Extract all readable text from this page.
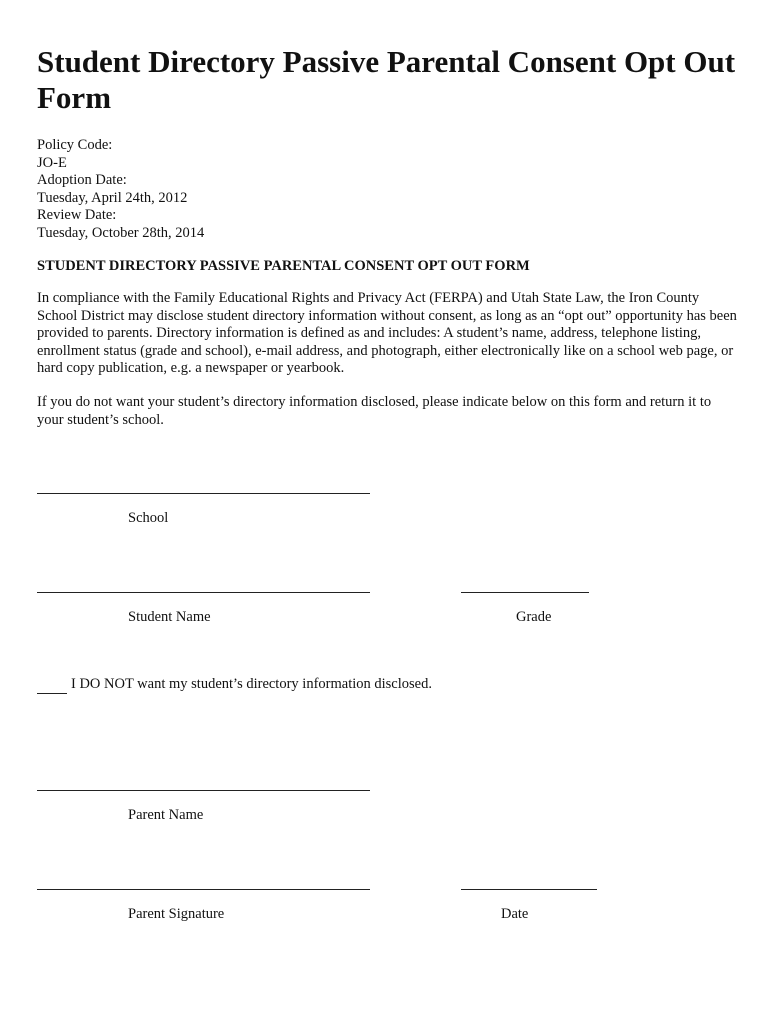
Student Directory Passive Parental Consent Opt Out Form
Policy Code:
JO-E
Adoption Date:
Tuesday, April 24th, 2012
Review Date:
Tuesday, October 28th, 2014
STUDENT DIRECTORY PASSIVE PARENTAL CONSENT OPT OUT FORM

In compliance with the Family Educational Rights and Privacy Act (FERPA) and Utah State Law, the Iron County School District may disclose student directory information without consent, as long as an “opt out” opportunity has been provided to parents. Directory information is defined as and includes: A student’s name, address, telephone listing, enrollment status (grade and school), e-mail address, and photograph, either electronically like on a school web page, or hard copy publication, e.g. a newspaper or yearbook.

If you do not want your student’s directory information disclosed, please indicate below on this form and return it to your student’s school.

School
Student Name	Grade
I DO NOT want my student’s directory information disclosed.
Parent Name
Parent Signature	Date
